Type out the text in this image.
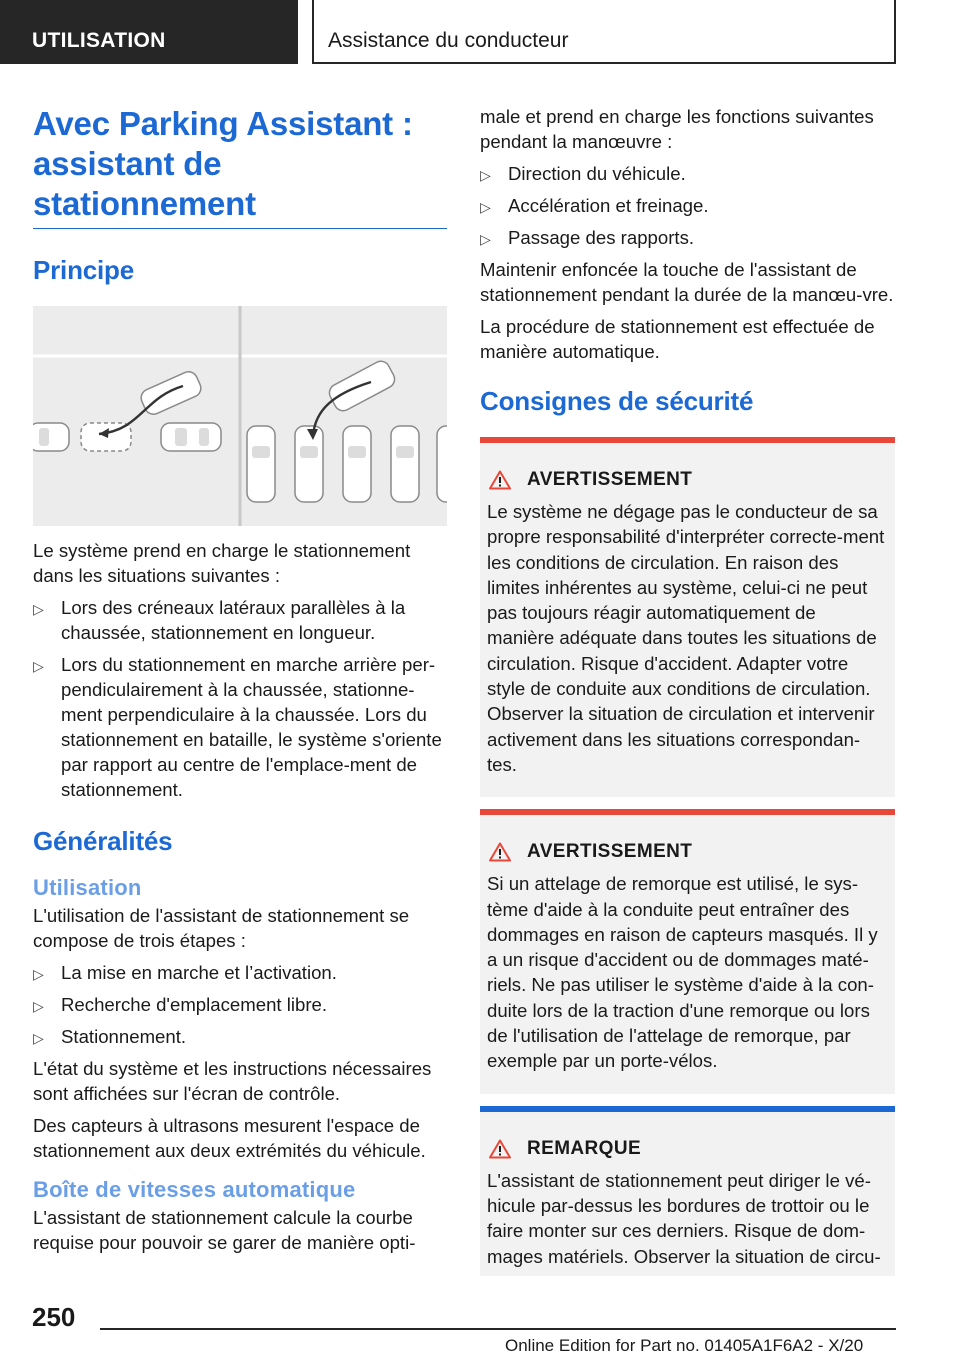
UTILISATION	Assistance du conducteur
Avec Parking Assistant : assistant de stationnement
Principe

Le système prend en charge le stationnement dans les situations suivantes :

▷ Lors des créneaux latéraux parallèles à la chaussée, stationnement en longueur.
▷ Lors du stationnement en marche arrière per-pendiculairement à la chaussée, stationne-ment perpendiculaire à la chaussée. Lors du stationnement en bataille, le système s'oriente par rapport au centre de l'emplace-ment de stationnement.
Généralités
Utilisation

L'utilisation de l'assistant de stationnement se compose de trois étapes :

▷ La mise en marche et l’activation.
▷ Recherche d'emplacement libre.
▷ Stationnement.

L'état du système et les instructions nécessaires sont affichées sur l'écran de contrôle.

Des capteurs à ultrasons mesurent l'espace de stationnement aux deux extrémités du véhicule.

Boîte de vitesses automatique

L'assistant de stationnement calcule la courbe requise pour pouvoir se garer de manière opti-

male et prend en charge les fonctions suivantes pendant la manœuvre :

▷ Direction du véhicule.
▷ Accélération et freinage.
▷ Passage des rapports.

Maintenir enfoncée la touche de l'assistant de stationnement pendant la durée de la manœu-vre.

La procédure de stationnement est effectuée de manière automatique.

Consignes de sécurité
AVERTISSEMENT

Le système ne dégage pas le conducteur de sa propre responsabilité d'interpréter correcte-ment les conditions de circulation. En raison des limites inhérentes au système, celui-ci ne peut pas toujours réagir automatiquement de manière adéquate dans toutes les situations de circulation. Risque d'accident. Adapter votre style de conduite aux conditions de circulation. Observer la situation de circulation et intervenir activement dans les situations correspondan-tes.

AVERTISSEMENT

Si un attelage de remorque est utilisé, le sys-tème d'aide à la conduite peut entraîner des dommages en raison de capteurs masqués. Il y a un risque d'accident ou de dommages maté-riels. Ne pas utiliser le système d'aide à la con-duite lors de la traction d'une remorque ou lors de l'utilisation de l'attelage de remorque, par exemple par un porte-vélos.

REMARQUE

L'assistant de stationnement peut diriger le vé-hicule par-dessus les bordures de trottoir ou le faire monter sur ces derniers. Risque de dom-mages matériels. Observer la situation de circu-

250
Online Edition for Part no. 01405A1F6A2 - X/20
